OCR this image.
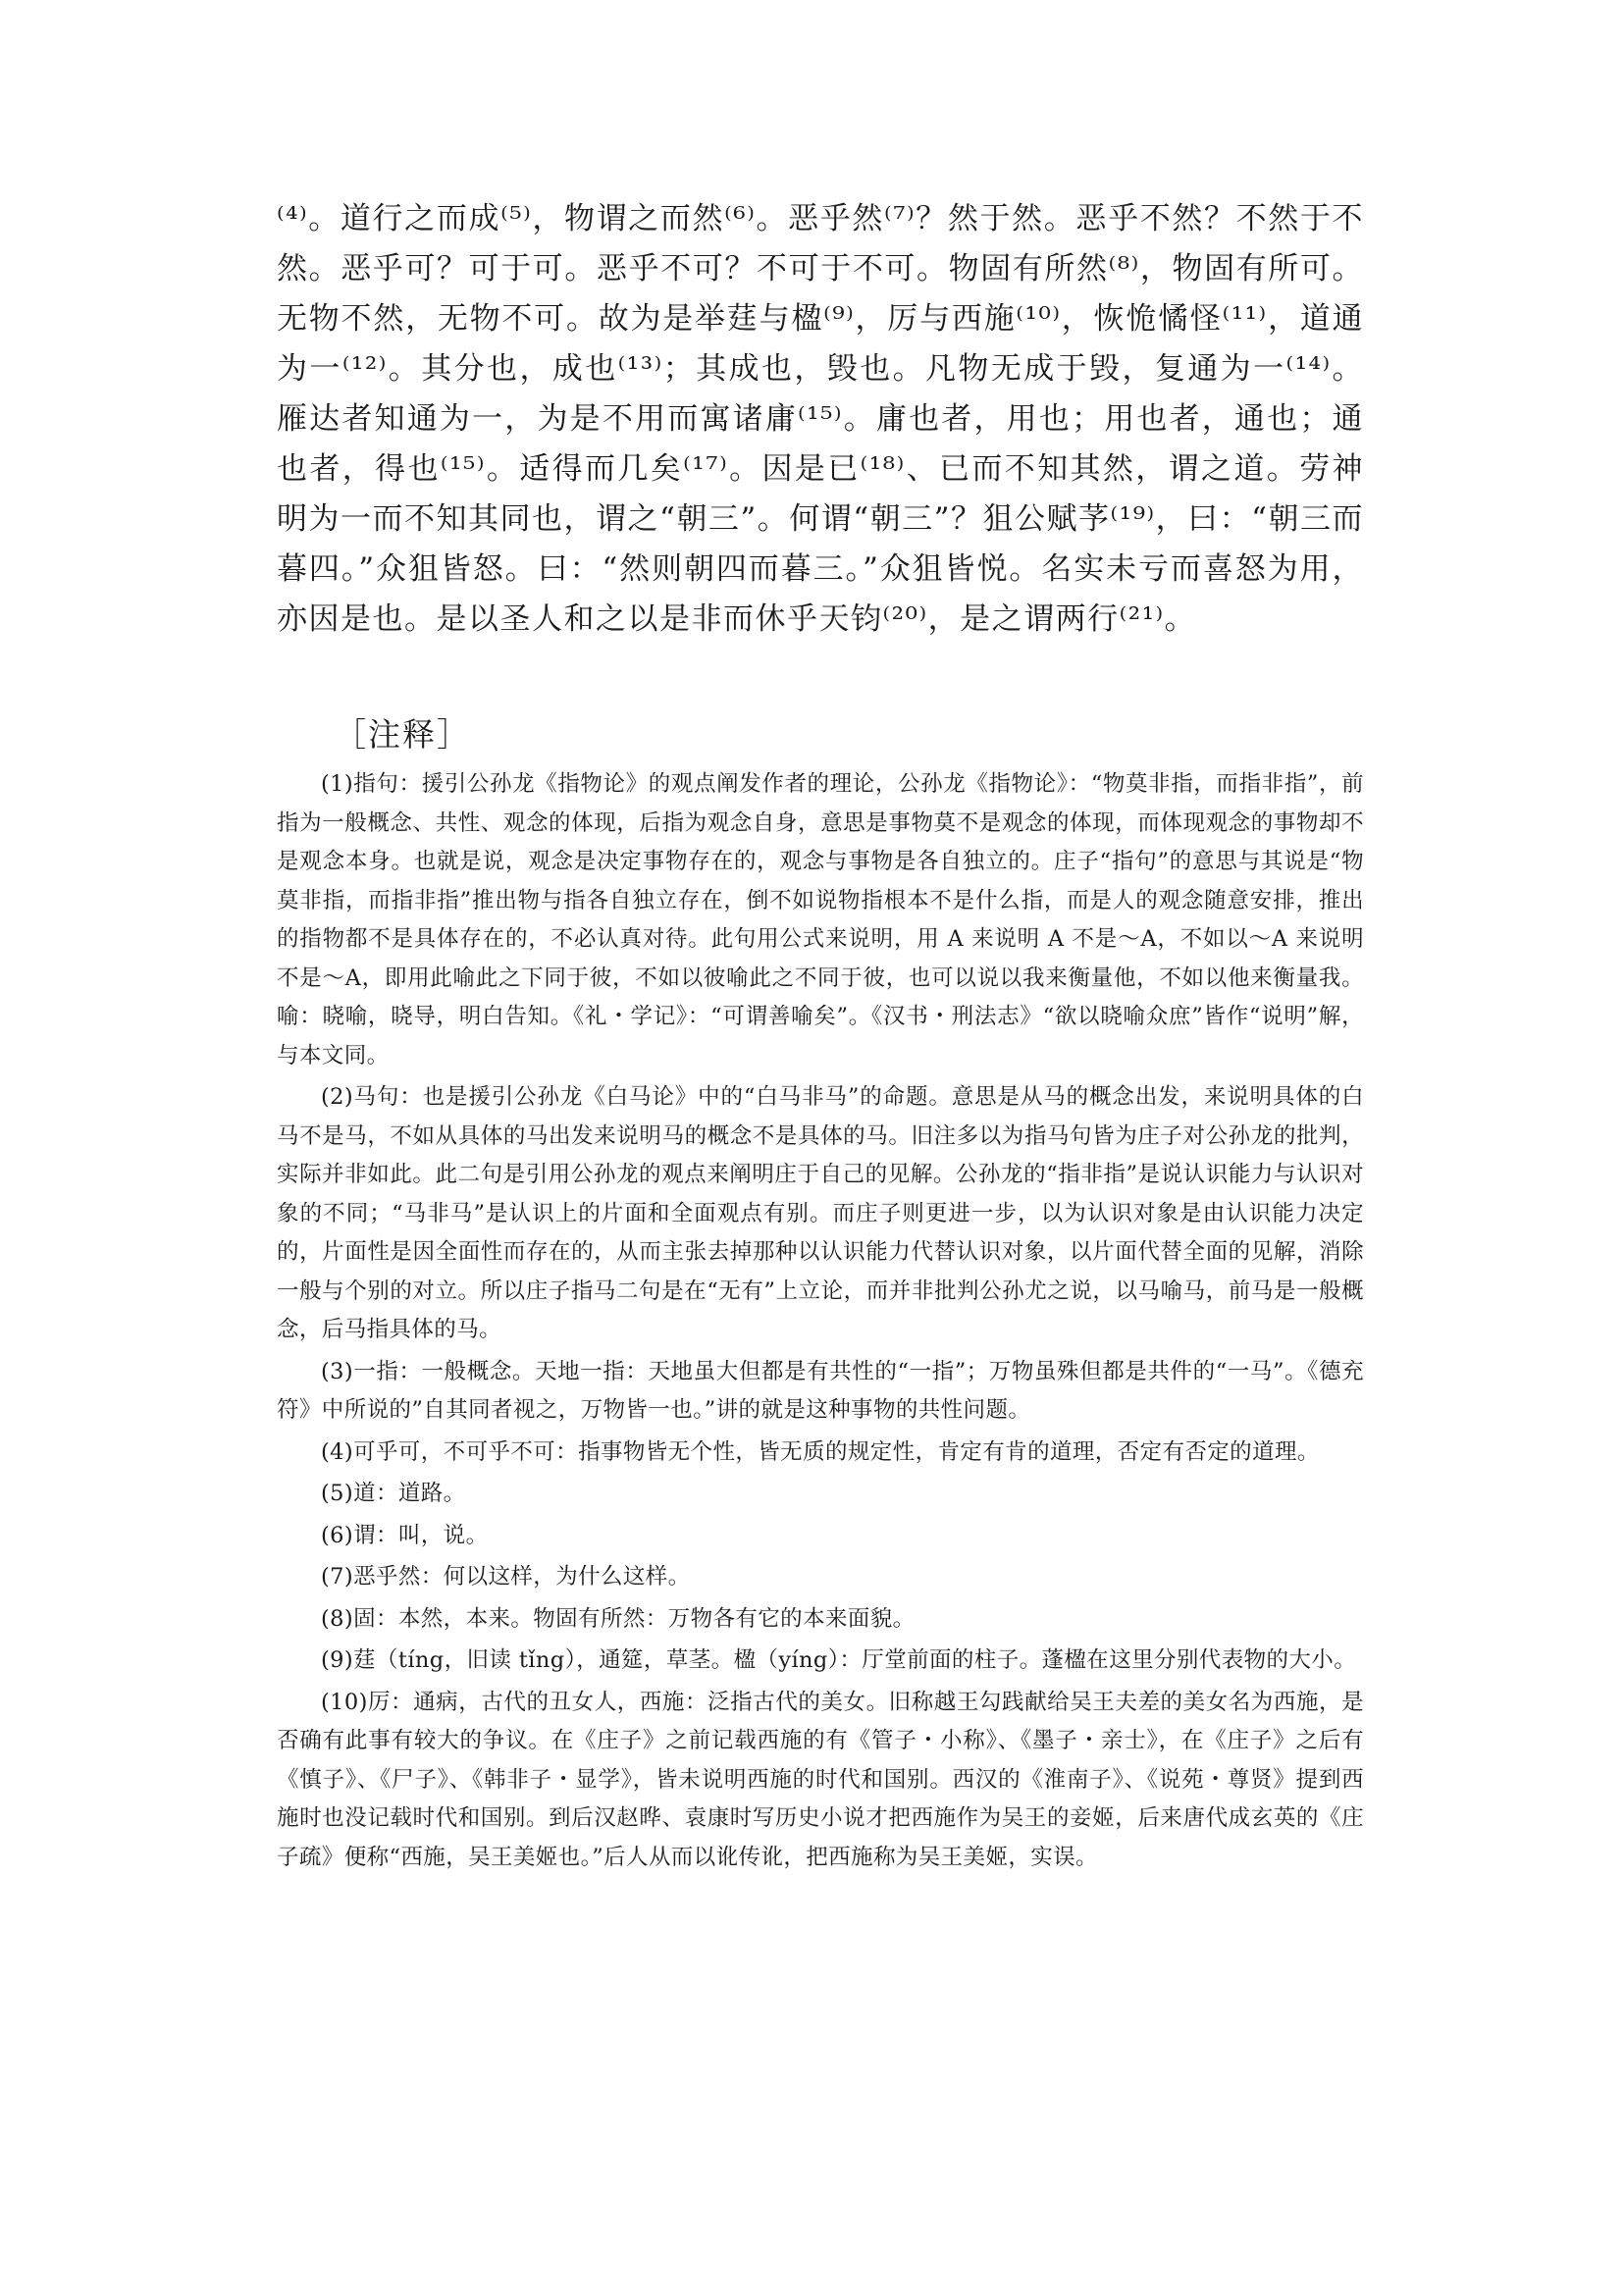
⁽⁴⁾。道行之而成⁽⁵⁾，物谓之而然⁽⁶⁾。恶乎然⁽⁷⁾？然于然。恶乎不然？不然于不然。恶乎可？可于可。恶乎不可？不可于不可。物固有所然⁽⁸⁾，物固有所可。无物不然，无物不可。故为是举莛与楹⁽⁹⁾，厉与西施⁽¹⁰⁾，恢恑憰怪⁽¹¹⁾，道通为一⁽¹²⁾。其分也，成也⁽¹³⁾；其成也，毁也。凡物无成于毁，复通为一⁽¹⁴⁾。雁达者知通为一，为是不用而寓诸庸⁽¹⁵⁾。庸也者，用也；用也者，通也；通也者，得也⁽¹⁵⁾。适得而几矣⁽¹⁷⁾。因是已⁽¹⁸⁾、已而不知其然，谓之道。劳神明为一而不知其同也，谓之“朝三”。何谓“朝三”？狙公赋芧⁽¹⁹⁾，曰：“朝三而暮四。”众狙皆怒。曰：“然则朝四而暮三。”众狙皆悦。名实未亏而喜怒为用，亦因是也。是以圣人和之以是非而休乎天钧⁽²⁰⁾，是之谓两行⁽²¹⁾。

［注释］

(1)指句：援引公孙龙《指物论》的观点阐发作者的理论，公孙龙《指物论》：“物莫非指，而指非指”，前指为一般概念、共性、观念的体现，后指为观念自身，意思是事物莫不是观念的体现，而体现观念的事物却不是观念本身。也就是说，观念是决定事物存在的，观念与事物是各自独立的。庄子“指句”的意思与其说是“物莫非指，而指非指”推出物与指各自独立存在，倒不如说物指根本不是什么指，而是人的观念随意安排，推出的指物都不是具体存在的，不必认真对待。此句用公式来说明，用 A 来说明 A 不是～A，不如以～A 来说明不是～A，即用此喻此之下同于彼，不如以彼喻此之不同于彼，也可以说以我来衡量他，不如以他来衡量我。喻：晓喻，晓导，明白告知。《礼・学记》：“可谓善喻矣”。《汉书・刑法志》“欲以晓喻众庶”皆作“说明”解，与本文同。

(2)马句：也是援引公孙龙《白马论》中的“白马非马”的命题。意思是从马的概念出发，来说明具体的白马不是马，不如从具体的马出发来说明马的概念不是具体的马。旧注多以为指马句皆为庄子对公孙龙的批判，实际并非如此。此二句是引用公孙龙的观点来阐明庄于自己的见解。公孙龙的“指非指”是说认识能力与认识对象的不同；“马非马”是认识上的片面和全面观点有别。而庄子则更进一步，以为认识对象是由认识能力决定的，片面性是因全面性而存在的，从而主张去掉那种以认识能力代替认识对象，以片面代替全面的见解，消除一般与个别的对立。所以庄子指马二句是在“无有”上立论，而并非批判公孙尤之说，以马喻马，前马是一般概念，后马指具体的马。

(3)一指：一般概念。天地一指：天地虽大但都是有共性的“一指”；万物虽殊但都是共件的“一马”。《德充符》中所说的”自其同者视之，万物皆一也。”讲的就是这种事物的共性问题。

(4)可乎可，不可乎不可：指事物皆无个性，皆无质的规定性，肯定有肯的道理，否定有否定的道理。

(5)道：道路。

(6)谓：叫，说。

(7)恶乎然：何以这样，为什么这样。

(8)固：本然，本来。物固有所然：万物各有它的本来面貌。

(9)莛（tíng，旧读 tǐng），通筵，草茎。楹（yíng）：厅堂前面的柱子。蓬楹在这里分别代表物的大小。

(10)厉：通病，古代的丑女人，西施：泛指古代的美女。旧称越王勾践献给吴王夫差的美女名为西施，是否确有此事有较大的争议。在《庄子》之前记载西施的有《管子・小称》、《墨子・亲士》，在《庄子》之后有《慎子》、《尸子》、《韩非子・显学》，皆未说明西施的时代和国别。西汉的《淮南子》、《说苑・尊贤》提到西施时也没记载时代和国别。到后汉赵晔、袁康时写历史小说才把西施作为吴王的妾姬，后来唐代成玄英的《庄子疏》便称“西施，吴王美姬也。”后人从而以讹传讹，把西施称为吴王美姬，实误。
